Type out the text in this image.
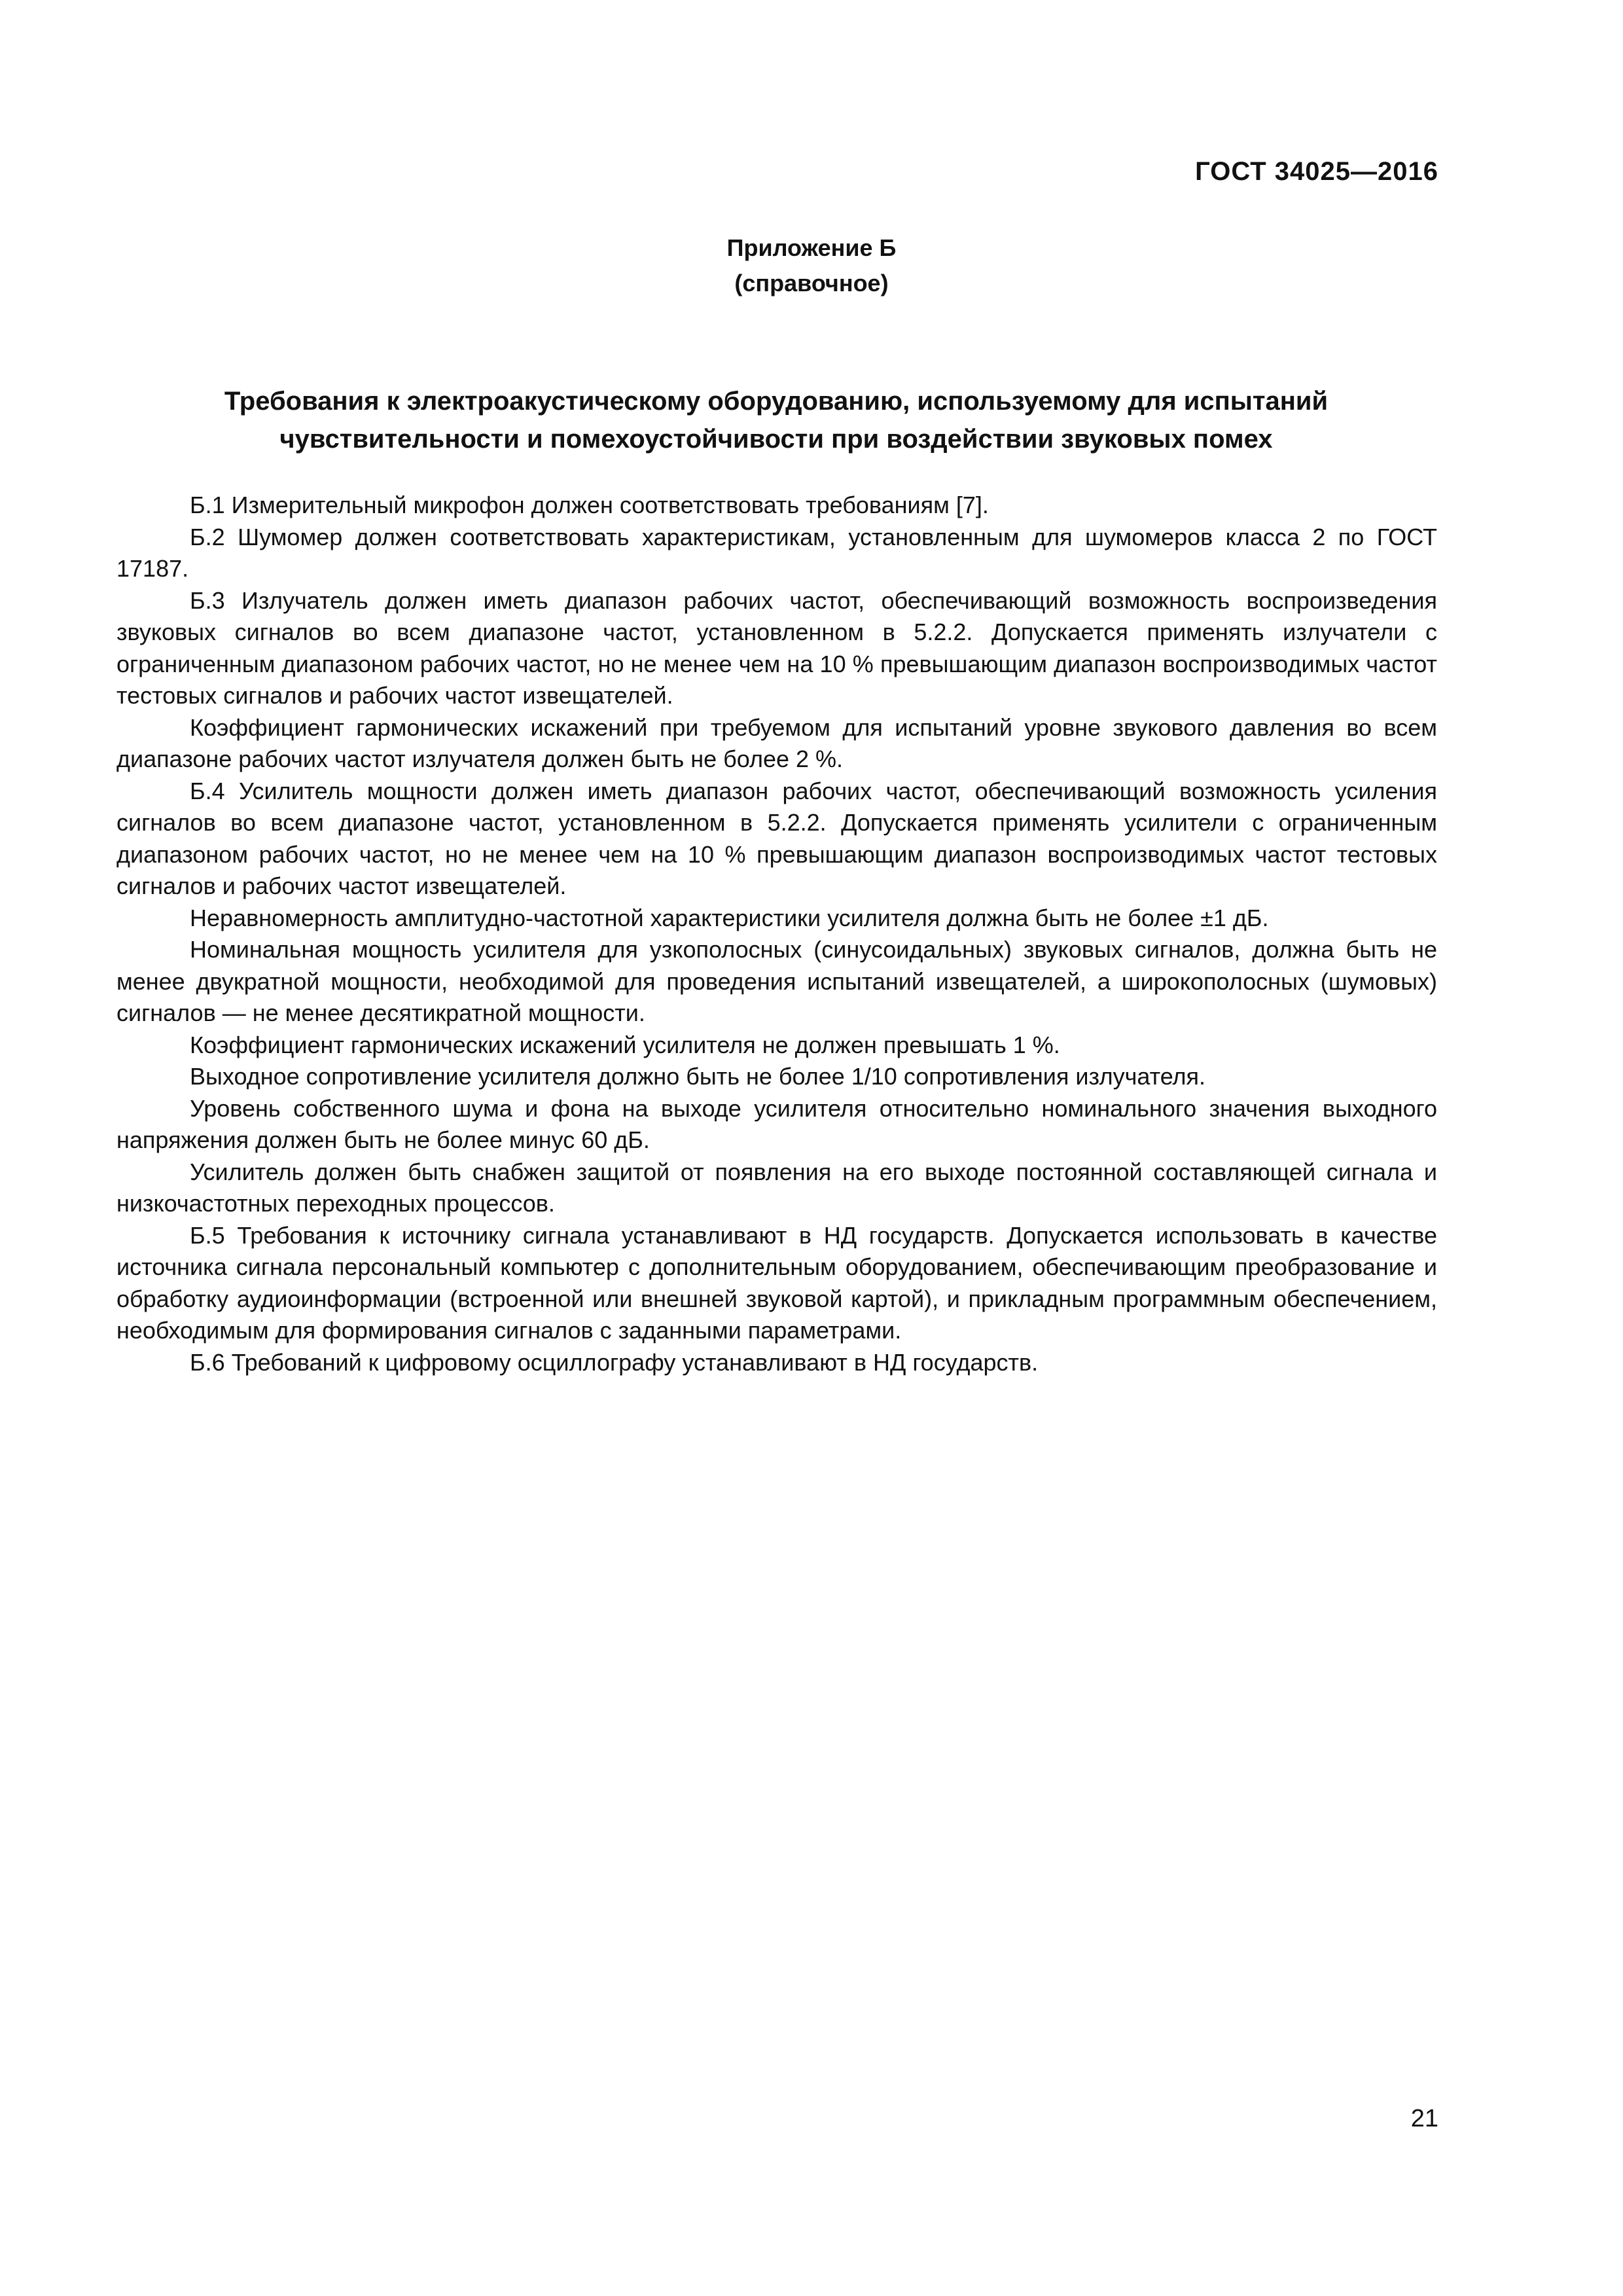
ГОСТ 34025—2016
Приложение Б
(справочное)
Требования к электроакустическому оборудованию, используемому для испытаний
чувствительности и помехоустойчивости при воздействии звуковых помех

Б.1 Измерительный микрофон должен соответствовать требованиям [7].

Б.2 Шумомер должен соответствовать характеристикам, установленным для шумомеров класса 2 по ГОСТ 17187.

Б.3 Излучатель должен иметь диапазон рабочих частот, обеспечивающий возможность воспроизведения звуковых сигналов во всем диапазоне частот, установленном в 5.2.2. Допускается применять излучатели с ограниченным диапазоном рабочих частот, но не менее чем на 10 % превышающим диапазон воспроизводимых частот тестовых сигналов и рабочих частот извещателей.

Коэффициент гармонических искажений при требуемом для испытаний уровне звукового давления во всем диапазоне рабочих частот излучателя должен быть не более 2 %.

Б.4 Усилитель мощности должен иметь диапазон рабочих частот, обеспечивающий возможность усиления сигналов во всем диапазоне частот, установленном в 5.2.2. Допускается применять усилители с ограниченным диапазоном рабочих частот, но не менее чем на 10 % превышающим диапазон воспроизводимых частот тестовых сигналов и рабочих частот извещателей.

Неравномерность амплитудно-частотной характеристики усилителя должна быть не более ±1 дБ.

Номинальная мощность усилителя для узкополосных (синусоидальных) звуковых сигналов, должна быть не менее двукратной мощности, необходимой для проведения испытаний извещателей, а широкополосных (шумовых) сигналов — не менее десятикратной мощности.

Коэффициент гармонических искажений усилителя не должен превышать 1 %.

Выходное сопротивление усилителя должно быть не более 1/10 сопротивления излучателя.

Уровень собственного шума и фона на выходе усилителя относительно номинального значения выходного напряжения должен быть не более минус 60 дБ.

Усилитель должен быть снабжен защитой от появления на его выходе постоянной составляющей сигнала и низкочастотных переходных процессов.

Б.5 Требования к источнику сигнала устанавливают в НД государств. Допускается использовать в качестве источника сигнала персональный компьютер с дополнительным оборудованием, обеспечивающим преобразование и обработку аудиоинформации (встроенной или внешней звуковой картой), и прикладным программным обеспечением, необходимым для формирования сигналов с заданными параметрами.

Б.6 Требований к цифровому осциллографу устанавливают в НД государств.

21
